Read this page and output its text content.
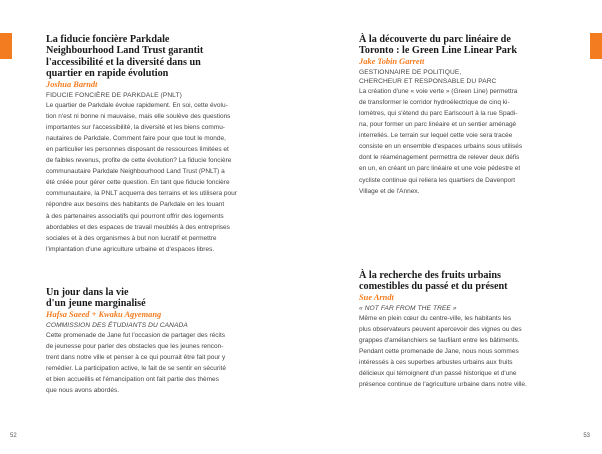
La fiducie foncière Parkdale
Neighbourhood Land Trust garantit
l'accessibilité et la diversité dans un
quartier en rapide évolution

Joshua Barndt

FIDUCIE FONCIÈRE DE PARKDALE (PNLT)

Le quartier de Parkdale évolue rapidement. En soi, cette évolu-
tion n'est ni bonne ni mauvaise, mais elle soulève des questions
importantes sur l'accessibilité, la diversité et les biens commu-
nautaires de Parkdale. Comment faire pour que tout le monde,
en particulier les personnes disposant de ressources limitées et
de faibles revenus, profite de cette évolution? La fiducie foncière
communautaire Parkdale Neighbourhood Land Trust (PNLT) a
été créée pour gérer cette question. En tant que fiducie foncière
communautaire, la PNLT acquerra des terrains et les utilisera pour
répondre aux besoins des habitants de Parkdale en les louant
à des partenaires associatifs qui pourront offrir des logements
abordables et des espaces de travail meublés à des entreprises
sociales et à des organismes à but non lucratif et permettre
l'implantation d'une agriculture urbaine et d'espaces libres.

Un jour dans la vie
d'un jeune marginalisé

Hafsa Saeed + Kwaku Agyemang

COMMISSION DES ÉTUDIANTS DU CANADA

Cette promenade de Jane fut l'occasion de partager des récits
de jeunesse pour parler des obstacles que les jeunes rencon-
trent dans notre ville et penser à ce qui pourrait être fait pour y
remédier. La participation active, le fait de se sentir en sécurité
et bien accueillis et l'émancipation ont fait partie des thèmes
que nous avons abordés.

À la découverte du parc linéaire de
Toronto : le Green Line Linear Park

Jake Tobin Garrett

GESTIONNAIRE DE POLITIQUE,
CHERCHEUR ET RESPONSABLE DU PARC

La création d'une « voie verte » (Green Line) permettra
de transformer le corridor hydroélectrique de cinq ki-
lomètres, qui s'étend du parc Earlscourt à la rue Spadi-
na, pour former un parc linéaire et un sentier aménagé
interreliés. Le terrain sur lequel cette voie sera tracée
consiste en un ensemble d'espaces urbains sous utilisés
dont le réaménagement permettra de relever deux défis
en un, en créant un parc linéaire et une voie pédestre et
cycliste continue qui reliera les quartiers de Davenport
Village et de l'Annex.

À la recherche des fruits urbains
comestibles du passé et du présent

Sue Arndt

« NOT FAR FROM THE TREE »

Même en plein cœur du centre-ville, les habitants les
plus observateurs peuvent apercevoir des vignes ou des
grappes d'amélanchiers se faufilant entre les bâtiments.
Pendant cette promenade de Jane, nous nous sommes
intéressés à ces superbes arbustes urbains aux fruits
délicieux qui témoignent d'un passé historique et d'une
présence continue de l'agriculture urbaine dans notre ville.

52	53
